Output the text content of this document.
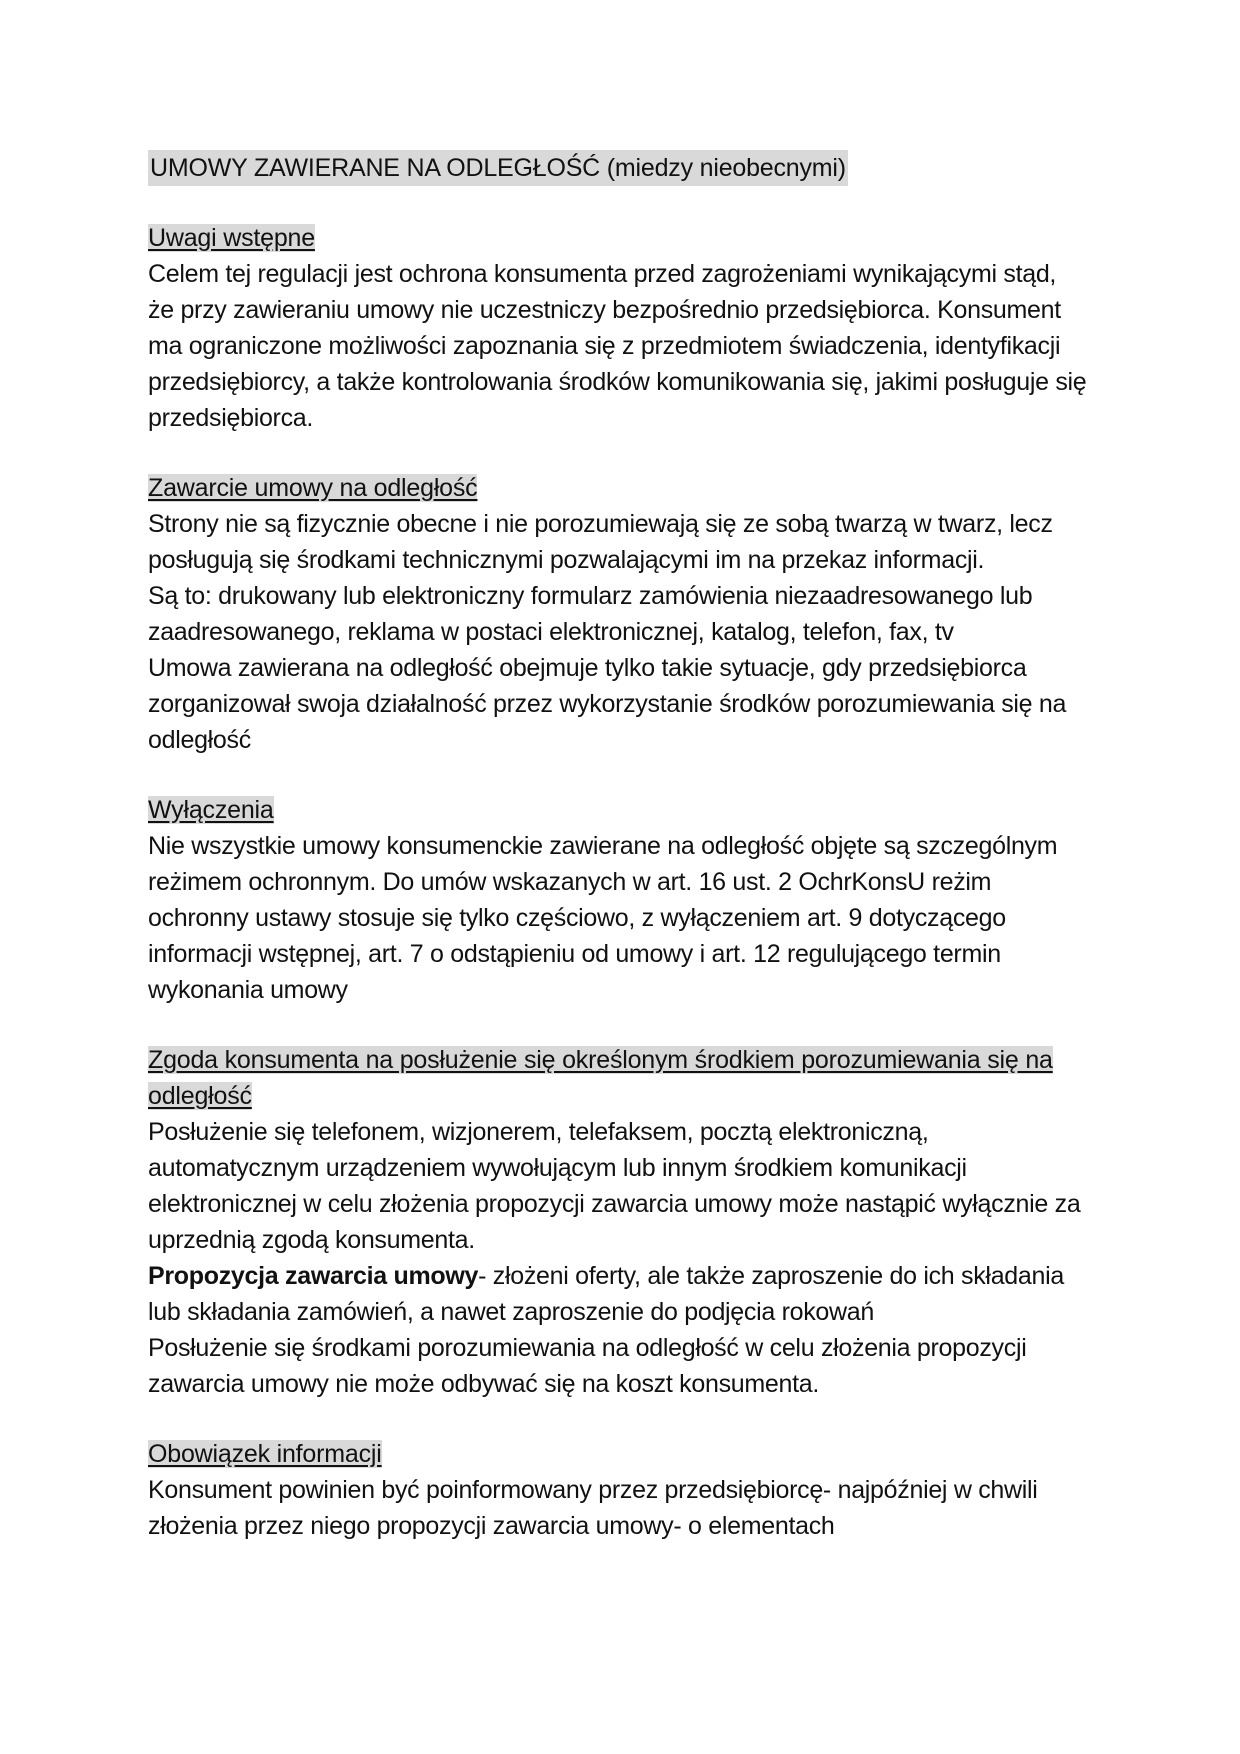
UMOWY ZAWIERANE NA ODLEGŁOŚĆ (miedzy nieobecnymi)
Uwagi wstępne

Celem tej regulacji jest ochrona konsumenta przed zagrożeniami wynikającymi stąd, że przy zawieraniu umowy nie uczestniczy bezpośrednio przedsiębiorca. Konsument ma ograniczone możliwości zapoznania się z przedmiotem świadczenia, identyfikacji przedsiębiorcy, a także kontrolowania środków komunikowania się, jakimi posługuje się przedsiębiorca.

Zawarcie umowy na odległość

Strony nie są fizycznie obecne i nie porozumiewają się ze sobą twarzą w twarz, lecz posługują się środkami technicznymi pozwalającymi im na przekaz informacji.

Są to: drukowany lub elektroniczny formularz zamówienia niezaadresowanego lub zaadresowanego, reklama w postaci elektronicznej, katalog, telefon, fax, tv

Umowa zawierana na odległość obejmuje tylko takie sytuacje, gdy przedsiębiorca zorganizował swoja działalność przez wykorzystanie środków porozumiewania się na odległość

Wyłączenia

Nie wszystkie umowy konsumenckie zawierane na odległość objęte są szczególnym reżimem ochronnym. Do umów wskazanych w art. 16 ust. 2 OchrKonsU reżim ochronny ustawy stosuje się tylko częściowo, z wyłączeniem art. 9 dotyczącego informacji wstępnej, art. 7 o odstąpieniu od umowy i art. 12 regulującego termin wykonania umowy

Zgoda konsumenta na posłużenie się określonym środkiem porozumiewania się na odległość

Posłużenie się telefonem, wizjonerem, telefaksem, pocztą elektroniczną, automatycznym urządzeniem wywołującym lub innym środkiem komunikacji elektronicznej w celu złożenia propozycji zawarcia umowy może nastąpić wyłącznie za uprzednią zgodą konsumenta.

Propozycja zawarcia umowy- złożeni oferty, ale także zaproszenie do ich składania lub składania zamówień, a nawet zaproszenie do podjęcia rokowań

Posłużenie się środkami porozumiewania na odległość w celu złożenia propozycji zawarcia umowy nie może odbywać się na koszt konsumenta.

Obowiązek informacji

Konsument powinien być poinformowany przez przedsiębiorcę- najpóźniej w chwili złożenia przez niego propozycji zawarcia umowy- o elementach
